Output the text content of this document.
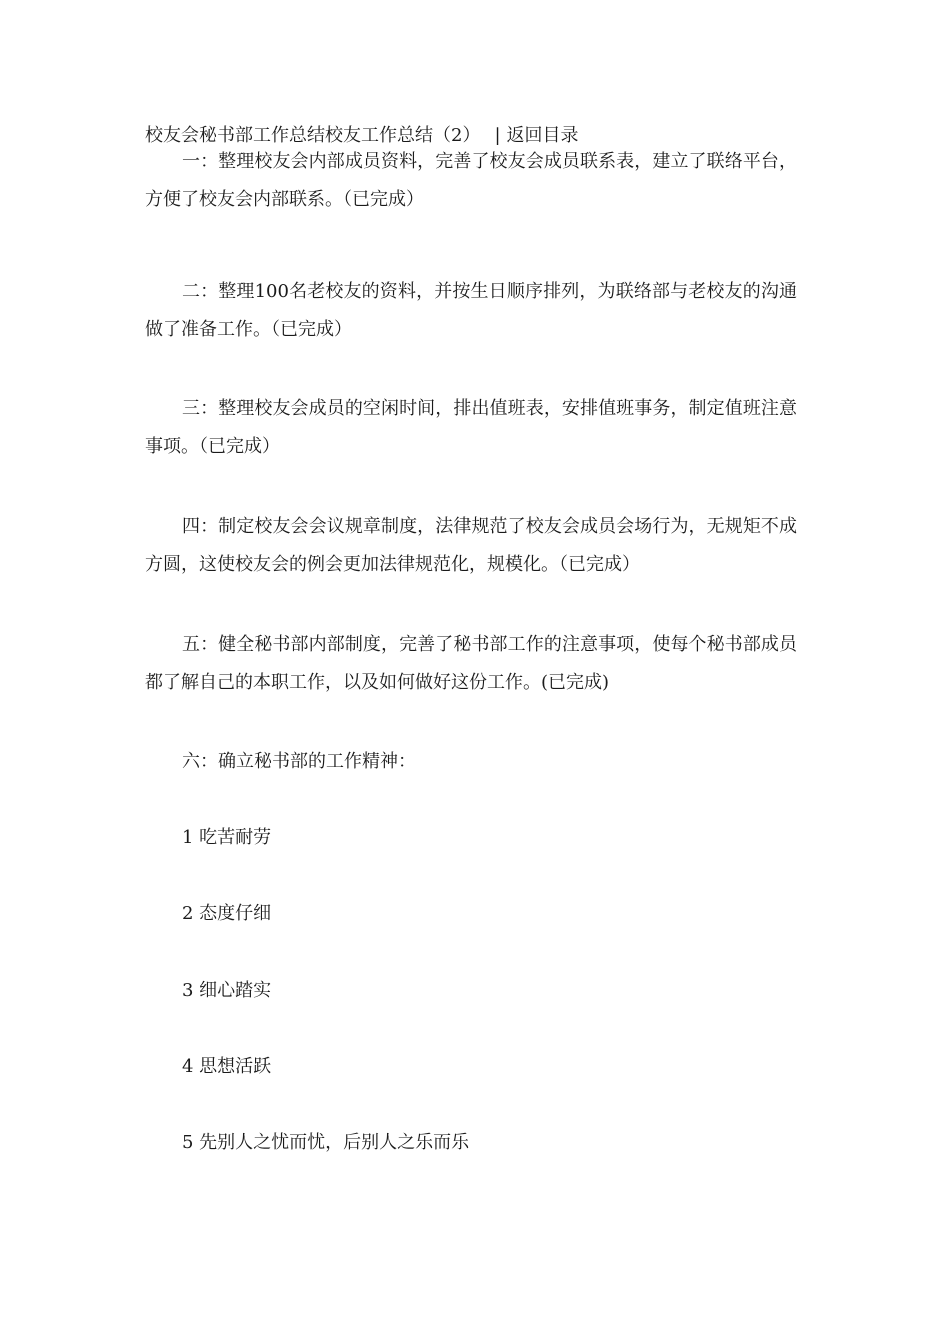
校友会秘书部工作总结校友工作总结（2） | 返回目录

一：整理校友会内部成员资料，完善了校友会成员联系表，建立了联络平台，方便了校友会内部联系。（已完成）

二：整理100名老校友的资料，并按生日顺序排列，为联络部与老校友的沟通做了准备工作。（已完成）

三：整理校友会成员的空闲时间，排出值班表，安排值班事务，制定值班注意事项。（已完成）

四：制定校友会会议规章制度，法律规范了校友会成员会场行为，无规矩不成方圆，这使校友会的例会更加法律规范化，规模化。（已完成）

五：健全秘书部内部制度，完善了秘书部工作的注意事项，使每个秘书部成员都了解自己的本职工作，以及如何做好这份工作。(已完成)

六：确立秘书部的工作精神：

1 吃苦耐劳
2 态度仔细
3 细心踏实
4 思想活跃
5 先别人之忧而忧，后别人之乐而乐
